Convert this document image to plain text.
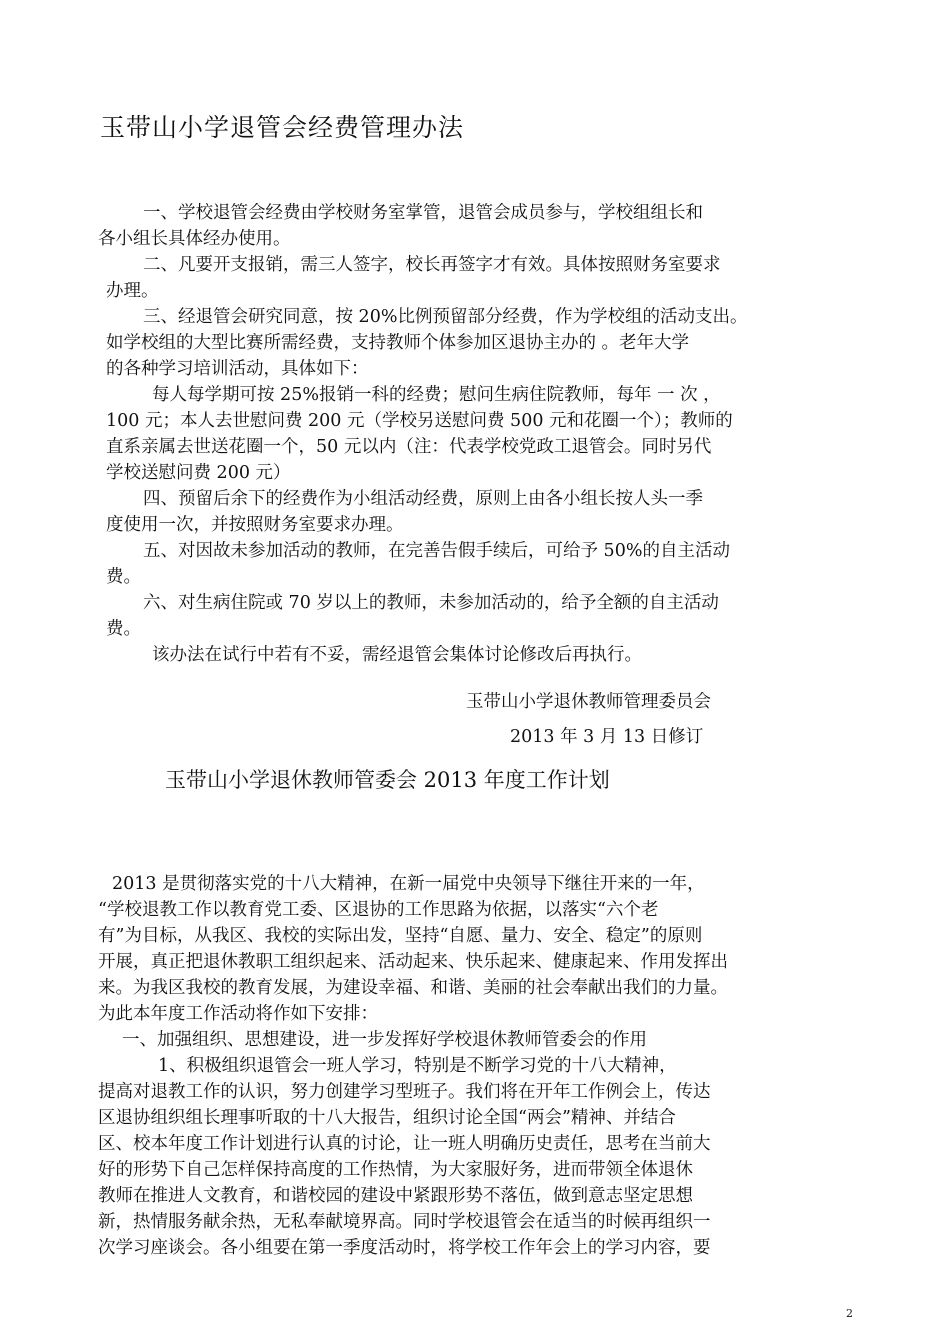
玉带山小学退管会经费管理办法
一、学校退管会经费由学校财务室掌管，退管会成员参与，学校组组长和
各小组长具体经办使用。
二、凡要开支报销，需三人签字，校长再签字才有效。具体按照财务室要求
办理。
三、经退管会研究同意，按 20%比例预留部分经费，作为学校组的活动支出。
如学校组的大型比赛所需经费，支持教师个体参加区退协主办的 。老年大学
的各种学习培训活动，具体如下：
每人每学期可按 25%报销一科的经费；慰问生病住院教师，每年 一 次 ，
100 元；本人去世慰问费 200 元（学校另送慰问费 500 元和花圈一个）；教师的
直系亲属去世送花圈一个，50 元以内（注：代表学校党政工退管会。同时另代
学校送慰问费 200 元）
四、预留后余下的经费作为小组活动经费，原则上由各小组长按人头一季
度使用一次，并按照财务室要求办理。
五、对因故未参加活动的教师，在完善告假手续后，可给予 50%的自主活动
费。
六、对生病住院或 70 岁以上的教师，未参加活动的，给予全额的自主活动
费。
该办法在试行中若有不妥，需经退管会集体讨论修改后再执行。
玉带山小学退休教师管理委员会
2013 年 3 月 13 日修订
玉带山小学退休教师管委会 2013 年度工作计划
2013 是贯彻落实党的十八大精神，在新一届党中央领导下继往开来的一年，
“学校退教工作以教育党工委、区退协的工作思路为依据，以落实“六个老
有”为目标，从我区、我校的实际出发，坚持“自愿、量力、安全、稳定”的原则
开展，真正把退休教职工组织起来、活动起来、快乐起来、健康起来、作用发挥出
来。为我区我校的教育发展，为建设幸福、和谐、美丽的社会奉献出我们的力量。
为此本年度工作活动将作如下安排：
一、加强组织、思想建设，进一步发挥好学校退休教师管委会的作用
1、积极组织退管会一班人学习，特别是不断学习党的十八大精神，
提高对退教工作的认识，努力创建学习型班子。我们将在开年工作例会上，传达
区退协组织组长理事听取的十八大报告，组织讨论全国“两会”精神、并结合
区、校本年度工作计划进行认真的讨论，让一班人明确历史责任，思考在当前大
好的形势下自己怎样保持高度的工作热情，为大家服好务，进而带领全体退休
教师在推进人文教育，和谐校园的建设中紧跟形势不落伍，做到意志坚定思想
新，热情服务献余热，无私奉献境界高。同时学校退管会在适当的时候再组织一
次学习座谈会。各小组要在第一季度活动时，将学校工作年会上的学习内容，要
2
